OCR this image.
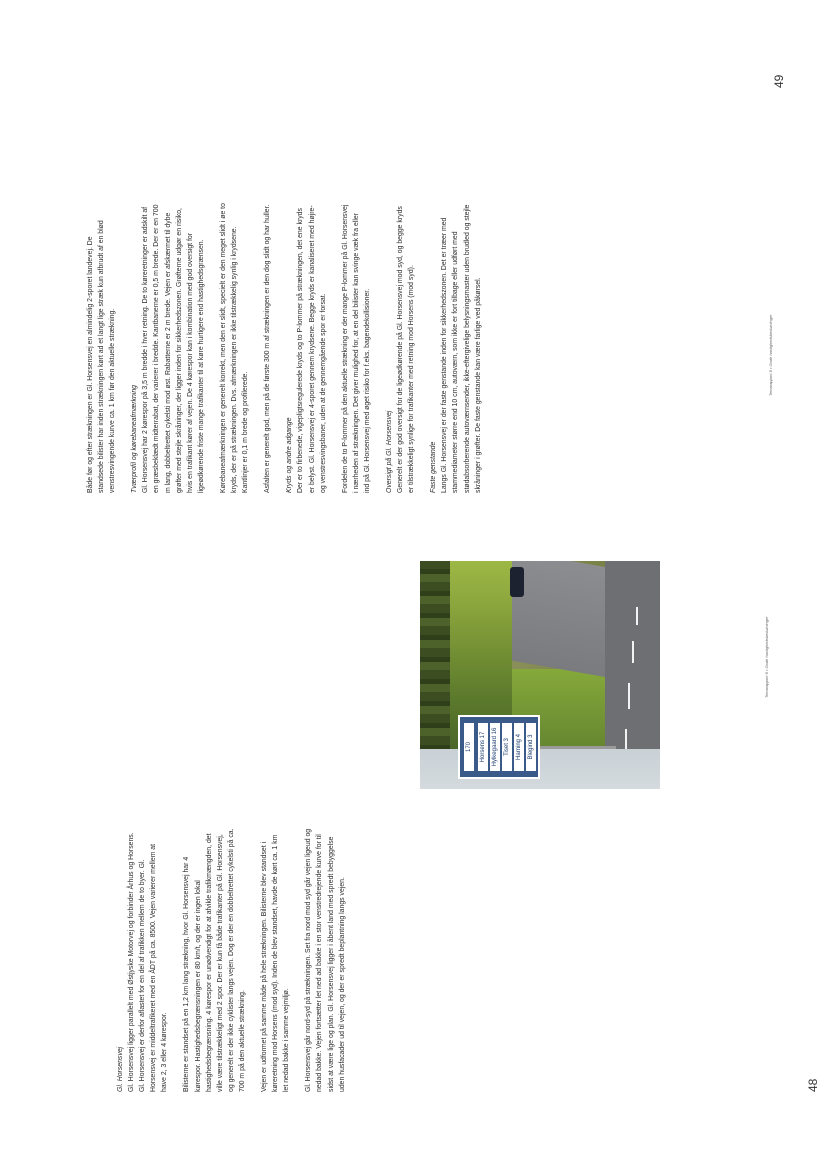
Gl. Horsensvej Gl. Horsensvej ligger parallelt med Østjyske Motorvej og forbinder Århus og Horsens. Gl. Horsensvej er derfor aflastet for en del af trafikken mellem de to byer. Gl. Horsensvej er middeltrafikeret med en ÅDT på ca. 8500. Vejen varierer mellem at have 2, 3 eller 4 kørespor.	Bilisterne er standset på en 1,2 km lang strækning, hvor Gl. Horsensvej har 4 kørespor. Hastighedsbegrænsningen er 80 km/t, og der er ingen lokal hastighedsbegrænsning. 4 kørespor er unødvendigt for at afvikle trafikmængden, det ville være tilstrækkeligt med 2 spor. Der er kun få både trafikanter på Gl. Horsensvej, og generelt er der ikke cyklister langs vejen. Dog er der en dobbeltrettet cykelsti på ca. 700 m på den aktuelle strækning.	Vejen er udformet på samme måde på hele strækningen. Bilisterne blev standset i køreretning mod Horsens (mod syd). Inden de blev standset, havde de kørt ca. 1 km let nedad bakke i samme vejmiljø.	Gl. Horsensvej går nord-syd på strækningen. Set fra nord mod syd går vejen ligeud og nedad bakke. Vejen fortsætter let ned ad bakke i en stor venstredrejende kurve for til sidst at være lige og plan. Gl. Horsensvej ligger i åbent land med spredt bebyggelse uden husfacader ud til vejen, og der er spredt beplantning langs vejen.

170	Horsens 17	Hylkegaard 16	Tiset 3	Harning 4	Blegind 3
48
Temarapport 8 • Gode hastighedsbeslutninger

Både før og efter strækningen er Gl. Horsensvej en almindelig 2-sporet landevej. De standsede bilister har inden strækningen kørt ad et langt lige stræk kun afbrudt af en blød venstresvingende kurve ca. 1 km før den aktuelle strækning.	Tværprofil og kørebaneafmærkning Gl. Horsensvej har 2 kørespor på 3,5 m bredde i hver retning. De to køreretninger er adskilt af en græsbeklædt midterrabat, der varierer i bredde. Kantbanerne er 0,5 m brede. Der er en 700 m lang, dobbeltrettet cykelsti mod øst. Rabatterne er 2 m brede. Vejen er afskærmet til dybe grøfter med stejle skråninger, der ligger inden for sikkerhedszonen. Grøfterne udgør en risiko, hvis en trafikant kører af vejen. De 4 kørespor kan i kombination med god oversigt for ligeødkørende friste mange trafikanter til at køre hurtigere end hastighedsgrænsen.	Kørebaneafmærkningen er generelt korrekt, men den er slidt, specielt er den meget slidt i øe to kryds, der er på strækningen. Dvs. afmærkningen er ikke tilstrækkelig synlig i krydsene. Kantlinjer er 0,1 m brede og profilerede.	Asfalten er generelt god, men på de første 300 m af strækningen er den dog slidt og har huller.	Kryds og andre adgange Der er to firbenede, vigepligtsregulerede kryds og to P-lommer på strækningen, det ene kryds er belyst. Gl. Horsensvej er 4-sporet gennem krydsene. Begge kryds er kanaliseret med højre- og venstresvingsbaner, uden at de gennemgående spor er forsat.	Fordelen de to P-lommer på den aktuelle strækning er der mange P-lommer på Gl. Horsensvej i nærheden af strækningen. Det giver mulighed for, at en del bilister kan svinge væk fra eller ind på Gl. Horsensvej med øget risiko for f.eks. bagendekollisioner.	Oversigt på Gl. Horsensvej Generelt er der god oversigt for de ligeødkørende på Gl. Horsensvej mod syd, og begge kryds er tilstrækkeligt synlige for trafikanter med retning mod Horsens (mod syd).	Faste genstande Langs Gl. Horsensvej er der faste genstande inden for sikkerhedszonen. Det er træer med stammediameter større end 10 cm, autoværn, som ikke er fort tilbage eller udført med stødabsorberende autoværnsender, ikke-eftergivelige belysningsmaster uden brudled og stejle skråninger i grøfter. De faste genstande kan være farlige ved påkørsel.

49
Temarapport 8 • Gode hastighedsbeslutninger
